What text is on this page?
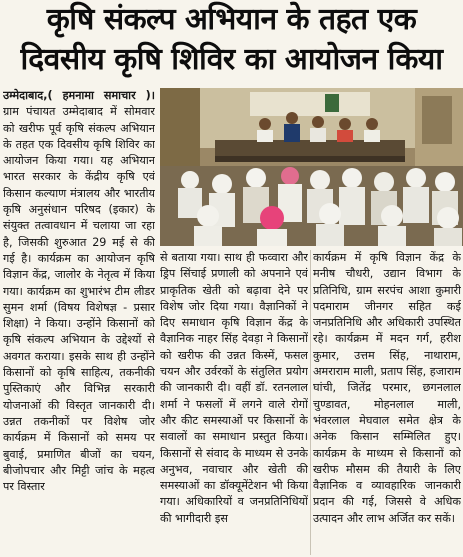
कृषि संकल्प अभियान के तहत एक
दिवसीय कृषि शिविर का आयोजन किया
उम्मेदाबाद,( हमनामा समाचार )। ग्राम पंचायत उम्मेदाबाद में सोमवार को खरीफ पूर्व कृषि संकल्प अभियान के तहत एक दिवसीय कृषि शिविर का आयोजन किया गया। यह अभियान भारत सरकार के केंद्रीय कृषि एवं किसान कल्याण मंत्रालय और भारतीय कृषि अनुसंधान परिषद (इकार) के संयुक्त तत्वावधान में चलाया जा रहा है, जिसकी शुरुआत 29 मई से की गई है। कार्यक्रम का आयोजन कृषि विज्ञान केंद्र, जालोर के नेतृत्व में किया गया। कार्यक्रम का शुभारंभ टीम लीडर सुमन शर्मा (विषय विशेषज्ञ - प्रसार शिक्षा) ने किया। उन्होंने किसानों को कृषि संकल्प अभियान के उद्देश्यों से अवगत कराया। इसके साथ ही उन्होंने किसानों को कृषि साहित्य, तकनीकी पुस्तिकाएं और विभिन्न सरकारी योजनाओं की विस्तृत जानकारी दी। उन्नत तकनीकों पर विशेष जोर कार्यक्रम में किसानों को समय पर बुवाई, प्रमाणित बीजों का चयन, बीजोपचार और मिट्टी जांच के महत्व पर विस्तार
से बताया गया। साथ ही फव्वारा और ड्रिप सिंचाई प्रणाली को अपनाने एवं प्राकृतिक खेती को बढ़ावा देने पर विशेष जोर दिया गया। वैज्ञानिकों ने दिए समाधान कृषि विज्ञान केंद्र के वैज्ञानिक नाहर सिंह देवड़ा ने किसानों को खरीफ की उन्नत किस्में, फसल चयन और उर्वरकों के संतुलित प्रयोग की जानकारी दी। वहीं डॉ. रतनलाल शर्मा ने फसलों में लगने वाले रोगों और कीट समस्याओं पर किसानों के सवालों का समाधान प्रस्तुत किया। किसानों से संवाद के माध्यम से उनके अनुभव, नवाचार और खेती की समस्याओं का डॉक्यूमेंटेशन भी किया गया। अधिकारियों व जनप्रतिनिधियों की भागीदारी इस
कार्यक्रम में कृषि विज्ञान केंद्र के मनीष चौधरी, उद्यान विभाग के प्रतिनिधि, ग्राम सरपंच आशा कुमारी पदमाराम जीनगर सहित कई जनप्रतिनिधि और अधिकारी उपस्थित रहे। कार्यक्रम में मदन गर्ग, हरीश कुमार, उत्तम सिंह, नाथाराम, अमराराम माली, प्रताप सिंह, हजाराम घांची, जितेंद्र परमार, छगनलाल चुण्डावत, मोहनलाल माली, भंवरलाल मेघवाल समेत क्षेत्र के अनेक किसान सम्मिलित हुए। कार्यक्रम के माध्यम से किसानों को खरीफ मौसम की तैयारी के लिए वैज्ञानिक व व्यावहारिक जानकारी प्रदान की गई, जिससे वे अधिक उत्पादन और लाभ अर्जित कर सकें।
